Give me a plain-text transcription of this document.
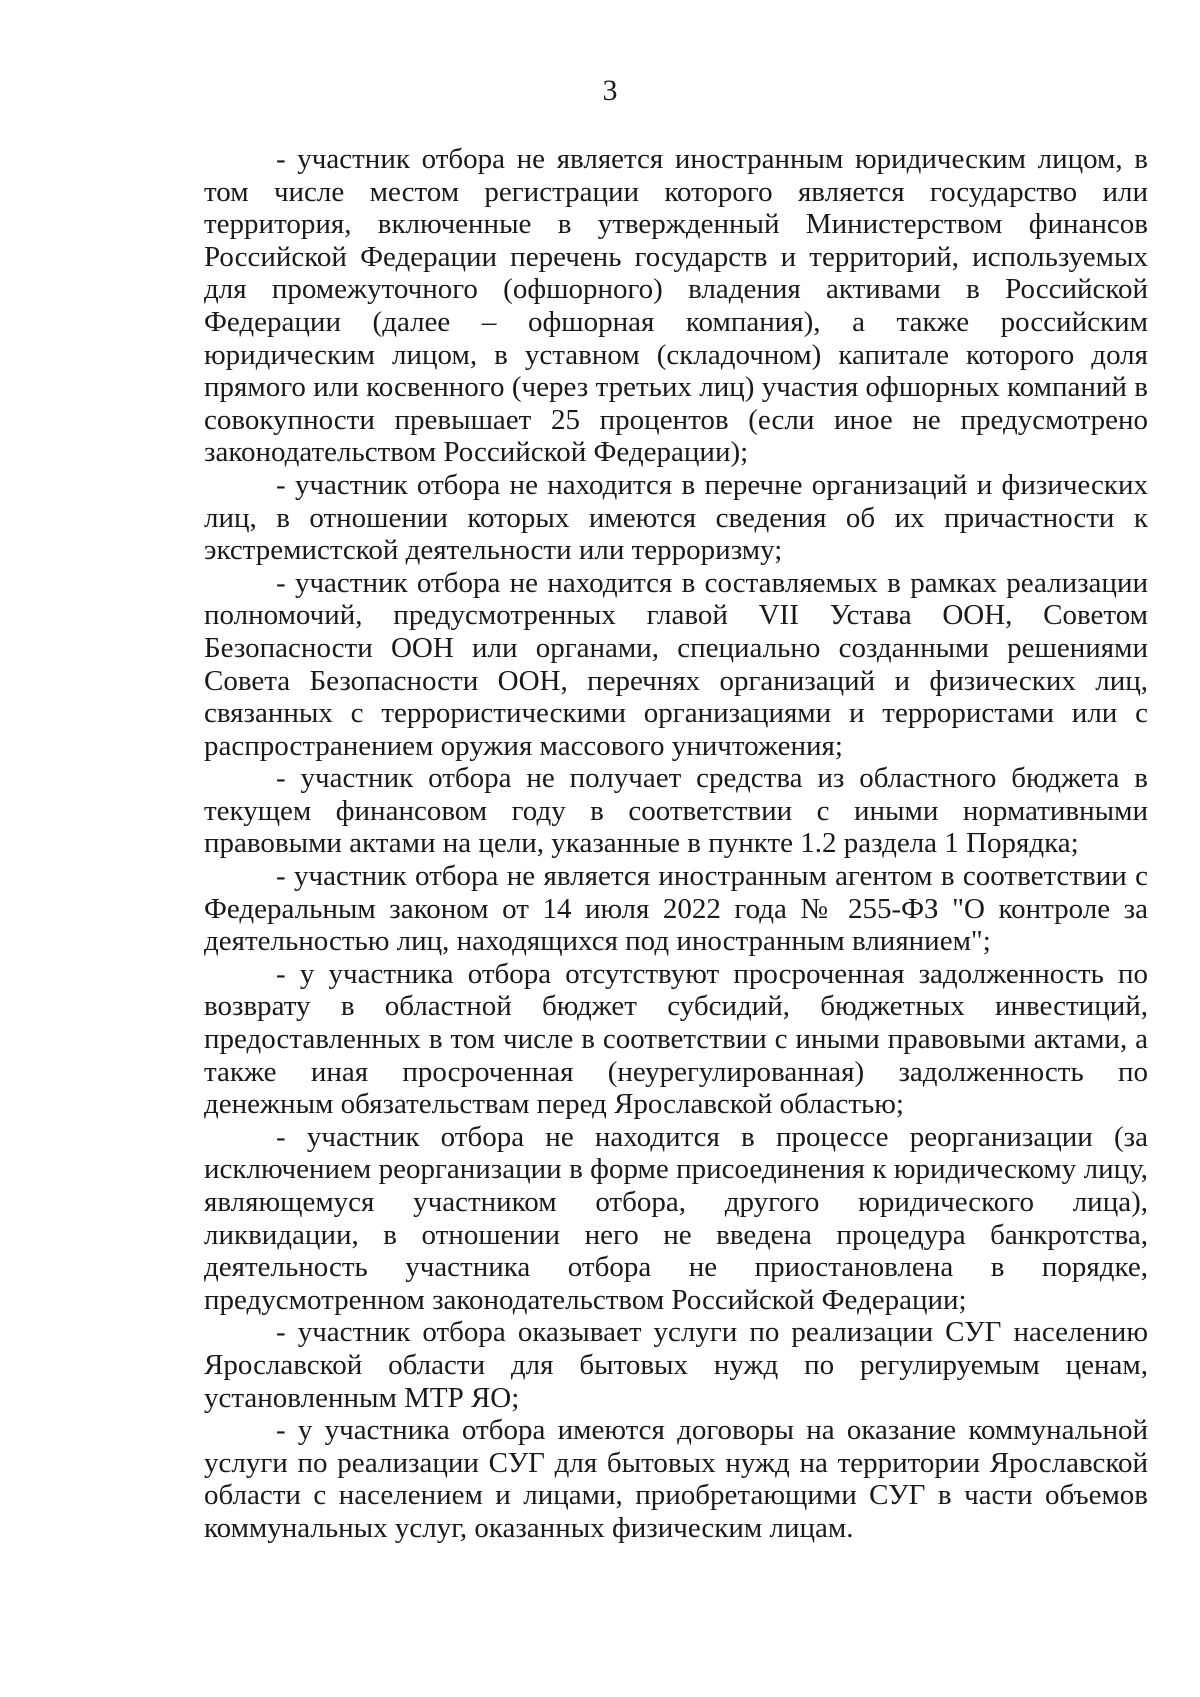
3

- участник отбора не является иностранным юридическим лицом, в том числе местом регистрации которого является государство или территория, включенные в утвержденный Министерством финансов Российской Федерации перечень государств и территорий, используемых для промежуточного (офшорного) владения активами в Российской Федерации (далее – офшорная компания), а также российским юридическим лицом, в уставном (складочном) капитале которого доля прямого или косвенного (через третьих лиц) участия офшорных компаний в совокупности превышает 25 процентов (если иное не предусмотрено законодательством Российской Федерации);

- участник отбора не находится в перечне организаций и физических лиц, в отношении которых имеются сведения об их причастности к экстремистской деятельности или терроризму;

- участник отбора не находится в составляемых в рамках реализации полномочий, предусмотренных главой VII Устава ООН, Советом Безопасности ООН или органами, специально созданными решениями Совета Безопасности ООН, перечнях организаций и физических лиц, связанных с террористическими организациями и террористами или с распространением оружия массового уничтожения;

- участник отбора не получает средства из областного бюджета в текущем финансовом году в соответствии с иными нормативными правовыми актами на цели, указанные в пункте 1.2 раздела 1 Порядка;

- участник отбора не является иностранным агентом в соответствии с Федеральным законом от 14 июля 2022 года № 255-ФЗ "О контроле за деятельностью лиц, находящихся под иностранным влиянием";

- у участника отбора отсутствуют просроченная задолженность по возврату в областной бюджет субсидий, бюджетных инвестиций, предоставленных в том числе в соответствии с иными правовыми актами, а также иная просроченная (неурегулированная) задолженность по денежным обязательствам перед Ярославской областью;

- участник отбора не находится в процессе реорганизации (за исключением реорганизации в форме присоединения к юридическому лицу, являющемуся участником отбора, другого юридического лица), ликвидации, в отношении него не введена процедура банкротства, деятельность участника отбора не приостановлена в порядке, предусмотренном законодательством Российской Федерации;

- участник отбора оказывает услуги по реализации СУГ населению Ярославской области для бытовых нужд по регулируемым ценам, установленным МТР ЯО;

- у участника отбора имеются договоры на оказание коммунальной услуги по реализации СУГ для бытовых нужд на территории Ярославской области с населением и лицами, приобретающими СУГ в части объемов коммунальных услуг, оказанных физическим лицам.
